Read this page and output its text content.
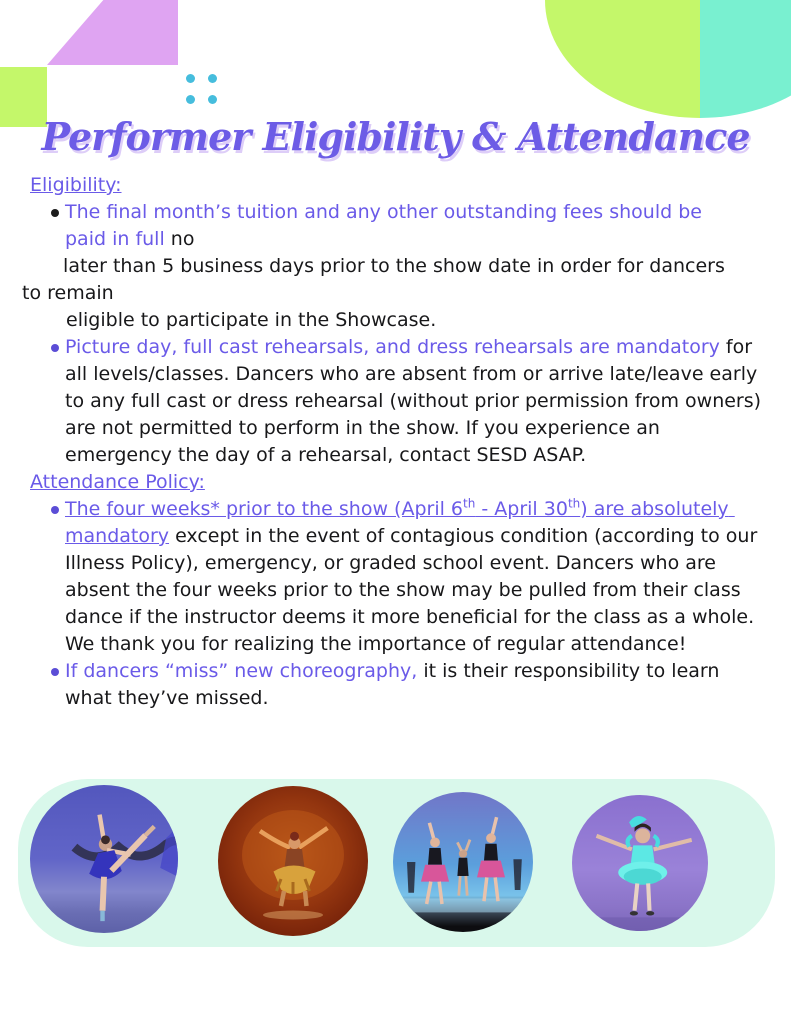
Performer Eligibility & Attendance
Eligibility:
The final month’s tuition and any other outstanding fees should be
paid in full no
later than 5 business days prior to the show date in order for dancers
to remain
eligible to participate in the Showcase.
Picture day, full cast rehearsals, and dress rehearsals are mandatory for all levels/classes. Dancers who are absent from or arrive late/leave early to any full cast or dress rehearsal (without prior permission from owners) are not permitted to perform in the show. If you experience an emergency the day of a rehearsal, contact SESD ASAP.
Attendance Policy:
The four weeks* prior to the show (April 6th - April 30th) are absolutely mandatory except in the event of contagious condition (according to our Illness Policy), emergency, or graded school event. Dancers who are absent the four weeks prior to the show may be pulled from their class dance if the instructor deems it more beneficial for the class as a whole. We thank you for realizing the importance of regular attendance!
If dancers “miss” new choreography, it is their responsibility to learn what they’ve missed.
